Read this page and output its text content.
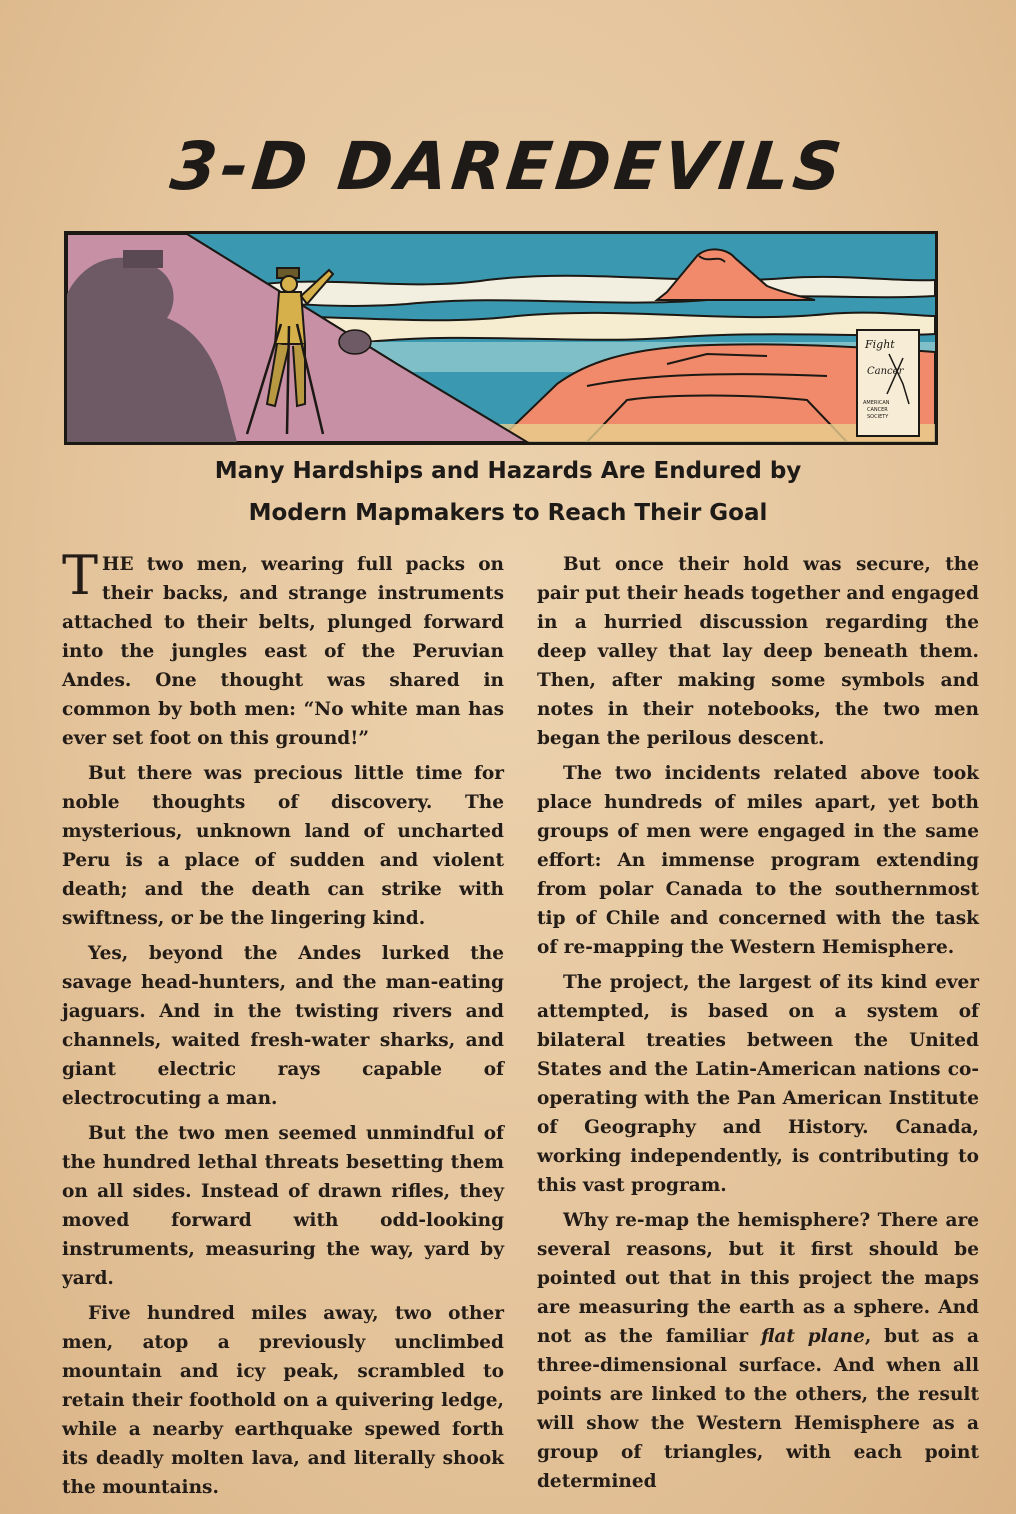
3-D DAREDEVILS
Fight
Cancer
AMERICAN
CANCER
SOCIETY
Many Hardships and Hazards Are Endured by
Modern Mapmakers to Reach Their Goal

THE two men, wearing full packs on their backs, and strange instruments attached to their belts, plunged forward into the jungles east of the Peruvian Andes. One thought was shared in common by both men: “No white man has ever set foot on this ground!”

But there was precious little time for noble thoughts of discovery. The mysterious, unknown land of uncharted Peru is a place of sudden and violent death; and the death can strike with swiftness, or be the lingering kind.

Yes, beyond the Andes lurked the savage head-hunters, and the man-eating jaguars. And in the twisting rivers and channels, waited fresh-water sharks, and giant electric rays capable of electrocuting a man.

But the two men seemed unmindful of the hundred lethal threats besetting them on all sides. Instead of drawn rifles, they moved forward with odd-looking instruments, measuring the way, yard by yard.

Five hundred miles away, two other men, atop a previously unclimbed mountain and icy peak, scrambled to retain their foothold on a quivering ledge, while a nearby earthquake spewed forth its deadly molten lava, and literally shook the mountains.

But once their hold was secure, the pair put their heads together and engaged in a hurried discussion regarding the deep valley that lay deep beneath them. Then, after making some symbols and notes in their notebooks, the two men began the perilous descent.

The two incidents related above took place hundreds of miles apart, yet both groups of men were engaged in the same effort: An immense program extending from polar Canada to the southernmost tip of Chile and concerned with the task of re-mapping the Western Hemisphere.

The project, the largest of its kind ever attempted, is based on a system of bilateral treaties between the United States and the Latin-American nations co-operating with the Pan American Institute of Geography and History. Canada, working independently, is contributing to this vast program.

Why re-map the hemisphere? There are several reasons, but it first should be pointed out that in this project the maps are measuring the earth as a sphere. And not as the familiar flat plane, but as a three-dimensional surface. And when all points are linked to the others, the result will show the Western Hemisphere as a group of triangles, with each point determined
